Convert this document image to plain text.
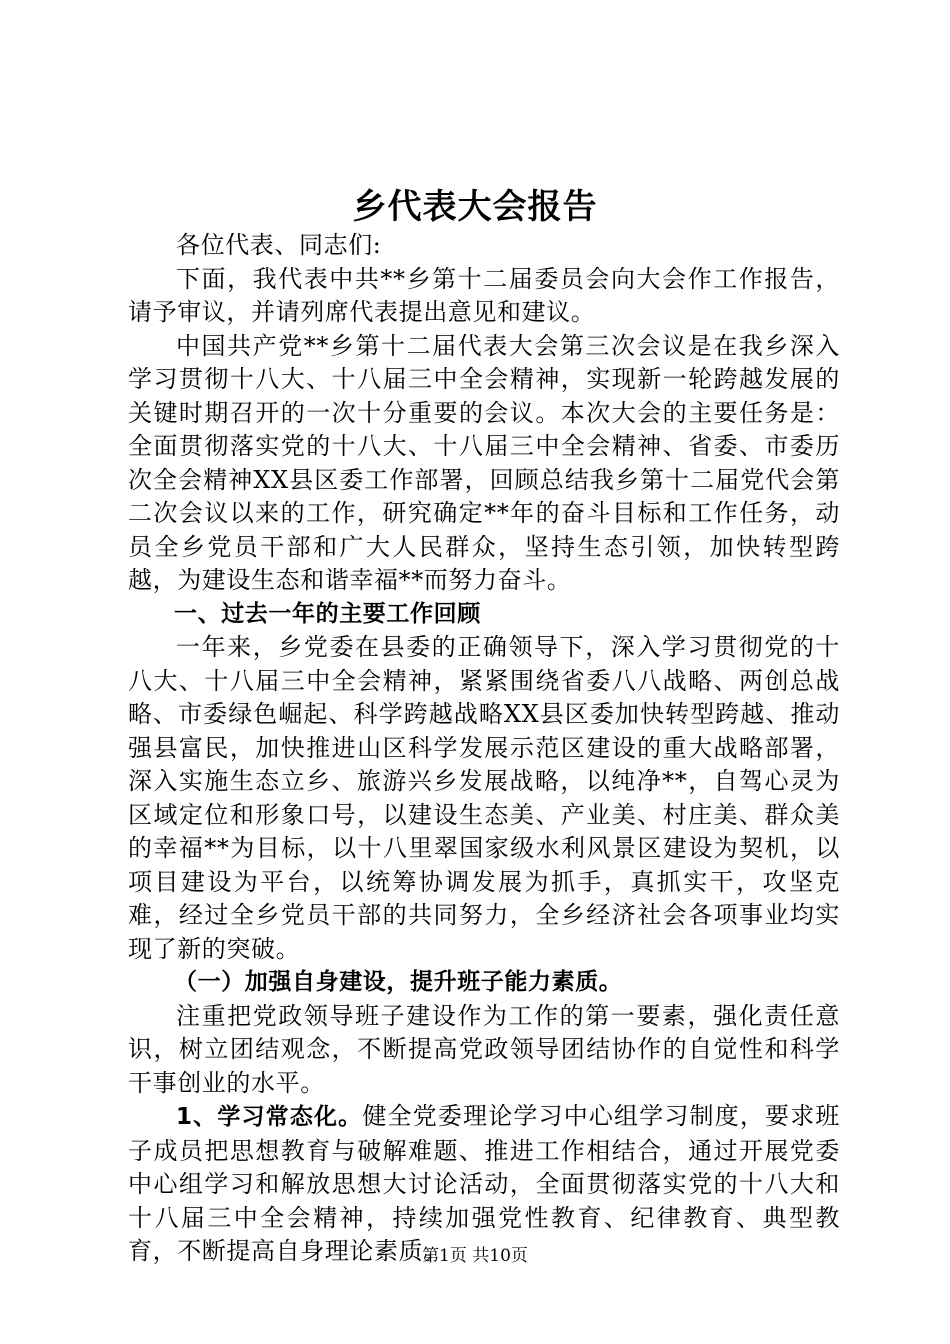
乡代表大会报告

各位代表、同志们:

下面，我代表中共**乡第十二届委员会向大会作工作报告，请予审议，并请列席代表提出意见和建议。

中国共产党**乡第十二届代表大会第三次会议是在我乡深入学习贯彻十八大、十八届三中全会精神，实现新一轮跨越发展的关键时期召开的一次十分重要的会议。本次大会的主要任务是：全面贯彻落实党的十八大、十八届三中全会精神、省委、市委历次全会精神XX县区委工作部署，回顾总结我乡第十二届党代会第二次会议以来的工作，研究确定**年的奋斗目标和工作任务，动员全乡党员干部和广大人民群众，坚持生态引领，加快转型跨越，为建设生态和谐幸福**而努力奋斗。

一、过去一年的主要工作回顾

一年来，乡党委在县委的正确领导下，深入学习贯彻党的十八大、十八届三中全会精神，紧紧围绕省委八八战略、两创总战略、市委绿色崛起、科学跨越战略XX县区委加快转型跨越、推动强县富民，加快推进山区科学发展示范区建设的重大战略部署，深入实施生态立乡、旅游兴乡发展战略，以纯净**，自驾心灵为区域定位和形象口号，以建设生态美、产业美、村庄美、群众美的幸福**为目标，以十八里翠国家级水利风景区建设为契机，以项目建设为平台，以统筹协调发展为抓手，真抓实干，攻坚克难，经过全乡党员干部的共同努力，全乡经济社会各项事业均实现了新的突破。

（一）加强自身建设，提升班子能力素质。

注重把党政领导班子建设作为工作的第一要素，强化责任意识，树立团结观念，不断提高党政领导团结协作的自觉性和科学干事创业的水平。

1、学习常态化。健全党委理论学习中心组学习制度，要求班子成员把思想教育与破解难题、推进工作相结合，通过开展党委中心组学习和解放思想大讨论活动，全面贯彻落实党的十八大和十八届三中全会精神，持续加强党性教育、纪律教育、典型教育，不断提高自身理论素质。

第1页 共10页
